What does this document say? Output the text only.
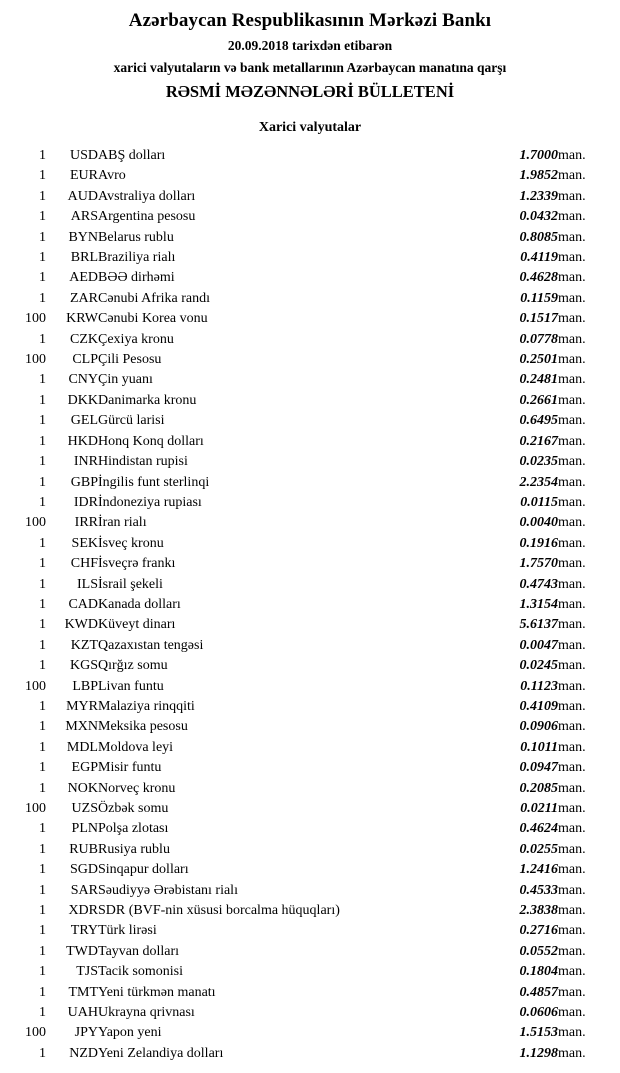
Azərbaycan Respublikasının Mərkəzi Bankı
20.09.2018 tarixdən etibarən
xarici valyutaların və bank metallarının Azərbaycan manatına qarşı
RƏSMİ MƏZƏNNƏLƏRİ BÜLLETENİ
Xarici valyutalar
1	USD	ABŞ dolları	1.7000	man.
1	EUR	Avro	1.9852	man.
1	AUD	Avstraliya dolları	1.2339	man.
1	ARS	Argentina pesosu	0.0432	man.
1	BYN	Belarus rublu	0.8085	man.
1	BRL	Braziliya rialı	0.4119	man.
1	AED	BƏƏ dirhəmi	0.4628	man.
1	ZAR	Cənubi Afrika randı	0.1159	man.
100	KRW	Cənubi Korea vonu	0.1517	man.
1	CZK	Çexiya kronu	0.0778	man.
100	CLP	Çili Pesosu	0.2501	man.
1	CNY	Çin yuanı	0.2481	man.
1	DKK	Danimarka kronu	0.2661	man.
1	GEL	Gürcü larisi	0.6495	man.
1	HKD	Honq Konq dolları	0.2167	man.
1	INR	Hindistan rupisi	0.0235	man.
1	GBP	İngilis funt sterlinqi	2.2354	man.
1	IDR	İndoneziya rupiası	0.0115	man.
100	IRR	İran rialı	0.0040	man.
1	SEK	İsveç kronu	0.1916	man.
1	CHF	İsveçrə frankı	1.7570	man.
1	ILS	İsrail şekeli	0.4743	man.
1	CAD	Kanada dolları	1.3154	man.
1	KWD	Küveyt dinarı	5.6137	man.
1	KZT	Qazaxıstan tengəsi	0.0047	man.
1	KGS	Qırğız somu	0.0245	man.
100	LBP	Livan funtu	0.1123	man.
1	MYR	Malaziya rinqqiti	0.4109	man.
1	MXN	Meksika pesosu	0.0906	man.
1	MDL	Moldova leyi	0.1011	man.
1	EGP	Misir funtu	0.0947	man.
1	NOK	Norveç kronu	0.2085	man.
100	UZS	Özbək somu	0.0211	man.
1	PLN	Polşa zlotası	0.4624	man.
1	RUB	Rusiya rublu	0.0255	man.
1	SGD	Sinqapur dolları	1.2416	man.
1	SAR	Səudiyyə Ərəbistanı rialı	0.4533	man.
1	XDR	SDR (BVF-nin xüsusi borcalma hüquqları)	2.3838	man.
1	TRY	Türk lirəsi	0.2716	man.
1	TWD	Tayvan dolları	0.0552	man.
1	TJS	Tacik somonisi	0.1804	man.
1	TMT	Yeni türkmən manatı	0.4857	man.
1	UAH	Ukrayna qrivnası	0.0606	man.
100	JPY	Yapon yeni	1.5153	man.
1	NZD	Yeni Zelandiya dolları	1.1298	man.
